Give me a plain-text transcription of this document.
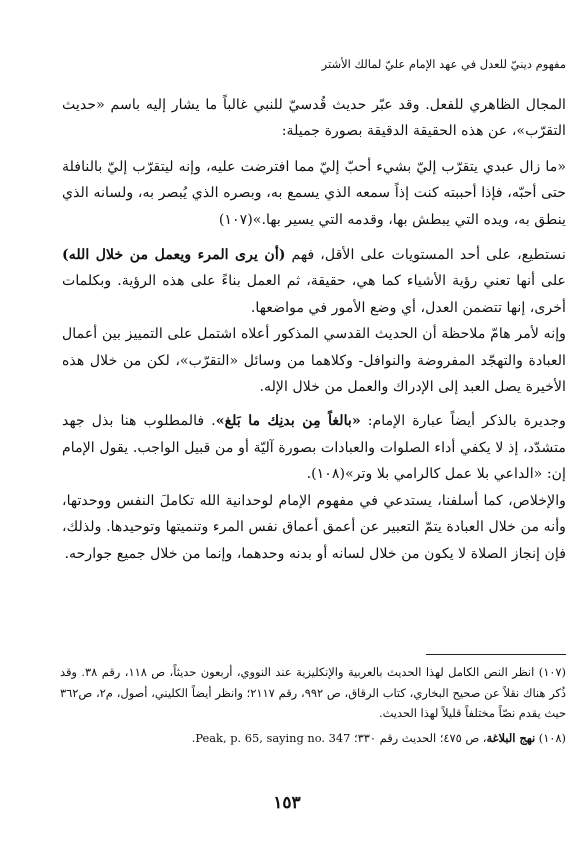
مفهوم دينيّ للعدل في عهد الإمام عليّ لمالك الأشتر

المجال الظاهري للفعل. وقد عبّر حديث قُدسيّ للنبي غالباً ما يشار إليه باسم «حديث التقرّب»، عن هذه الحقيقة الدقيقة بصورة جميلة:

«ما زال عبدي يتقرّب إليّ بشيء أحبّ إليّ مما افترضت عليه، وإنه ليتقرّب إليّ بالنافلة حتى أحبّه، فإذا أحببته كنت إذاً سمعه الذي يسمع به، وبصره الذي يُبصر به، ولسانه الذي ينطق به، ويده التي يبطش بها، وقدمه التي يسير بها.»(١٠٧)

نستطيع، على أحد المستويات على الأقل، فهم (أن يرى المرء ويعمل من خلال الله) على أنها تعني رؤية الأشياء كما هي، حقيقة، ثم العمل بناءً على هذه الرؤية. وبكلمات أخرى، إنها تتضمن العدل، أي وضع الأمور في مواضعها.

وإنه لأمر هامّ ملاحظة أن الحديث القدسي المذكور أعلاه اشتمل على التمييز بين أعمال العبادة والتهجّد المفروضة والنوافل- وكلاهما من وسائل «التقرّب»، لكن من خلال هذه الأخيرة يصل العبد إلى الإدراك والعمل من خلال الإله.

وجديرة بالذكر أيضاً عبارة الإمام: «بالغاً مِن بدنِك ما بَلغ». فالمطلوب هنا بذل جهد متشدّد، إذ لا يكفي أداء الصلوات والعبادات بصورة آليّة أو من قبيل الواجب. يقول الإمام إن: «الداعي بلا عمل كالرامي بلا وتر»(١٠٨).

والإخلاص، كما أسلفنا، يستدعي في مفهوم الإمام لوحدانية الله تكاملَ النفس ووحدتها، وأنه من خلال العبادة يتمّ التعبير عن أعمق أعماق نفس المرء وتنميتها وتوحيدها. ولذلك، فإن إنجاز الصلاة لا يكون من خلال لسانه أو بدنه وحدهما، وإنما من خلال جميع جوارحه.

(١٠٧) انظر النص الكامل لهذا الحديث بالعربية والإنكليزية عند النووي، أربعون حديثاً، ص ١١٨، رقم ٣٨. وقد ذُكر هناك نقلاً عن صحيح البخاري، كتاب الرقاق، ص ٩٩٢، رقم ٢١١٧؛ وانظر أيضاً الكليني، أصول، م٢، ص٣٦٢ حيث يقدم نصّاً مختلفاً قليلاً لهذا الحديث.

(١٠٨) نهج البلاغة، ص ٤٧٥؛ الحديث رقم ٣٣٠؛ Peak, p. 65, saying no. 347.

١٥٣
